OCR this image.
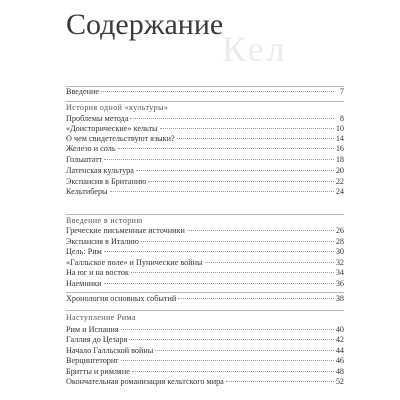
Кел
Содержание
Введение	7
История одной «культуры»
Проблемы метода	8
«Доисторические» кельты	10
О чем свидетельствуют языки?	14
Железо и соль	16
Гольштатт	18
Латенская культура	20
Экспансия в Британию	22
Кельтиберы	24
Введение в историю
Греческие письменные источники	26
Экспансия в Италию	28
Цель: Рим	30
«Галльское поле» и Пунические войны	32
На юг и на восток	34
Наемники	36
Хронология основных событий	38
Наступление Рима
Рим и Испания	40
Галлия до Цезаря	42
Начало Галльской войны	44
Верцингеториг	46
Бритты и римляне	48
Окончательная романизация кельтского мира	52
